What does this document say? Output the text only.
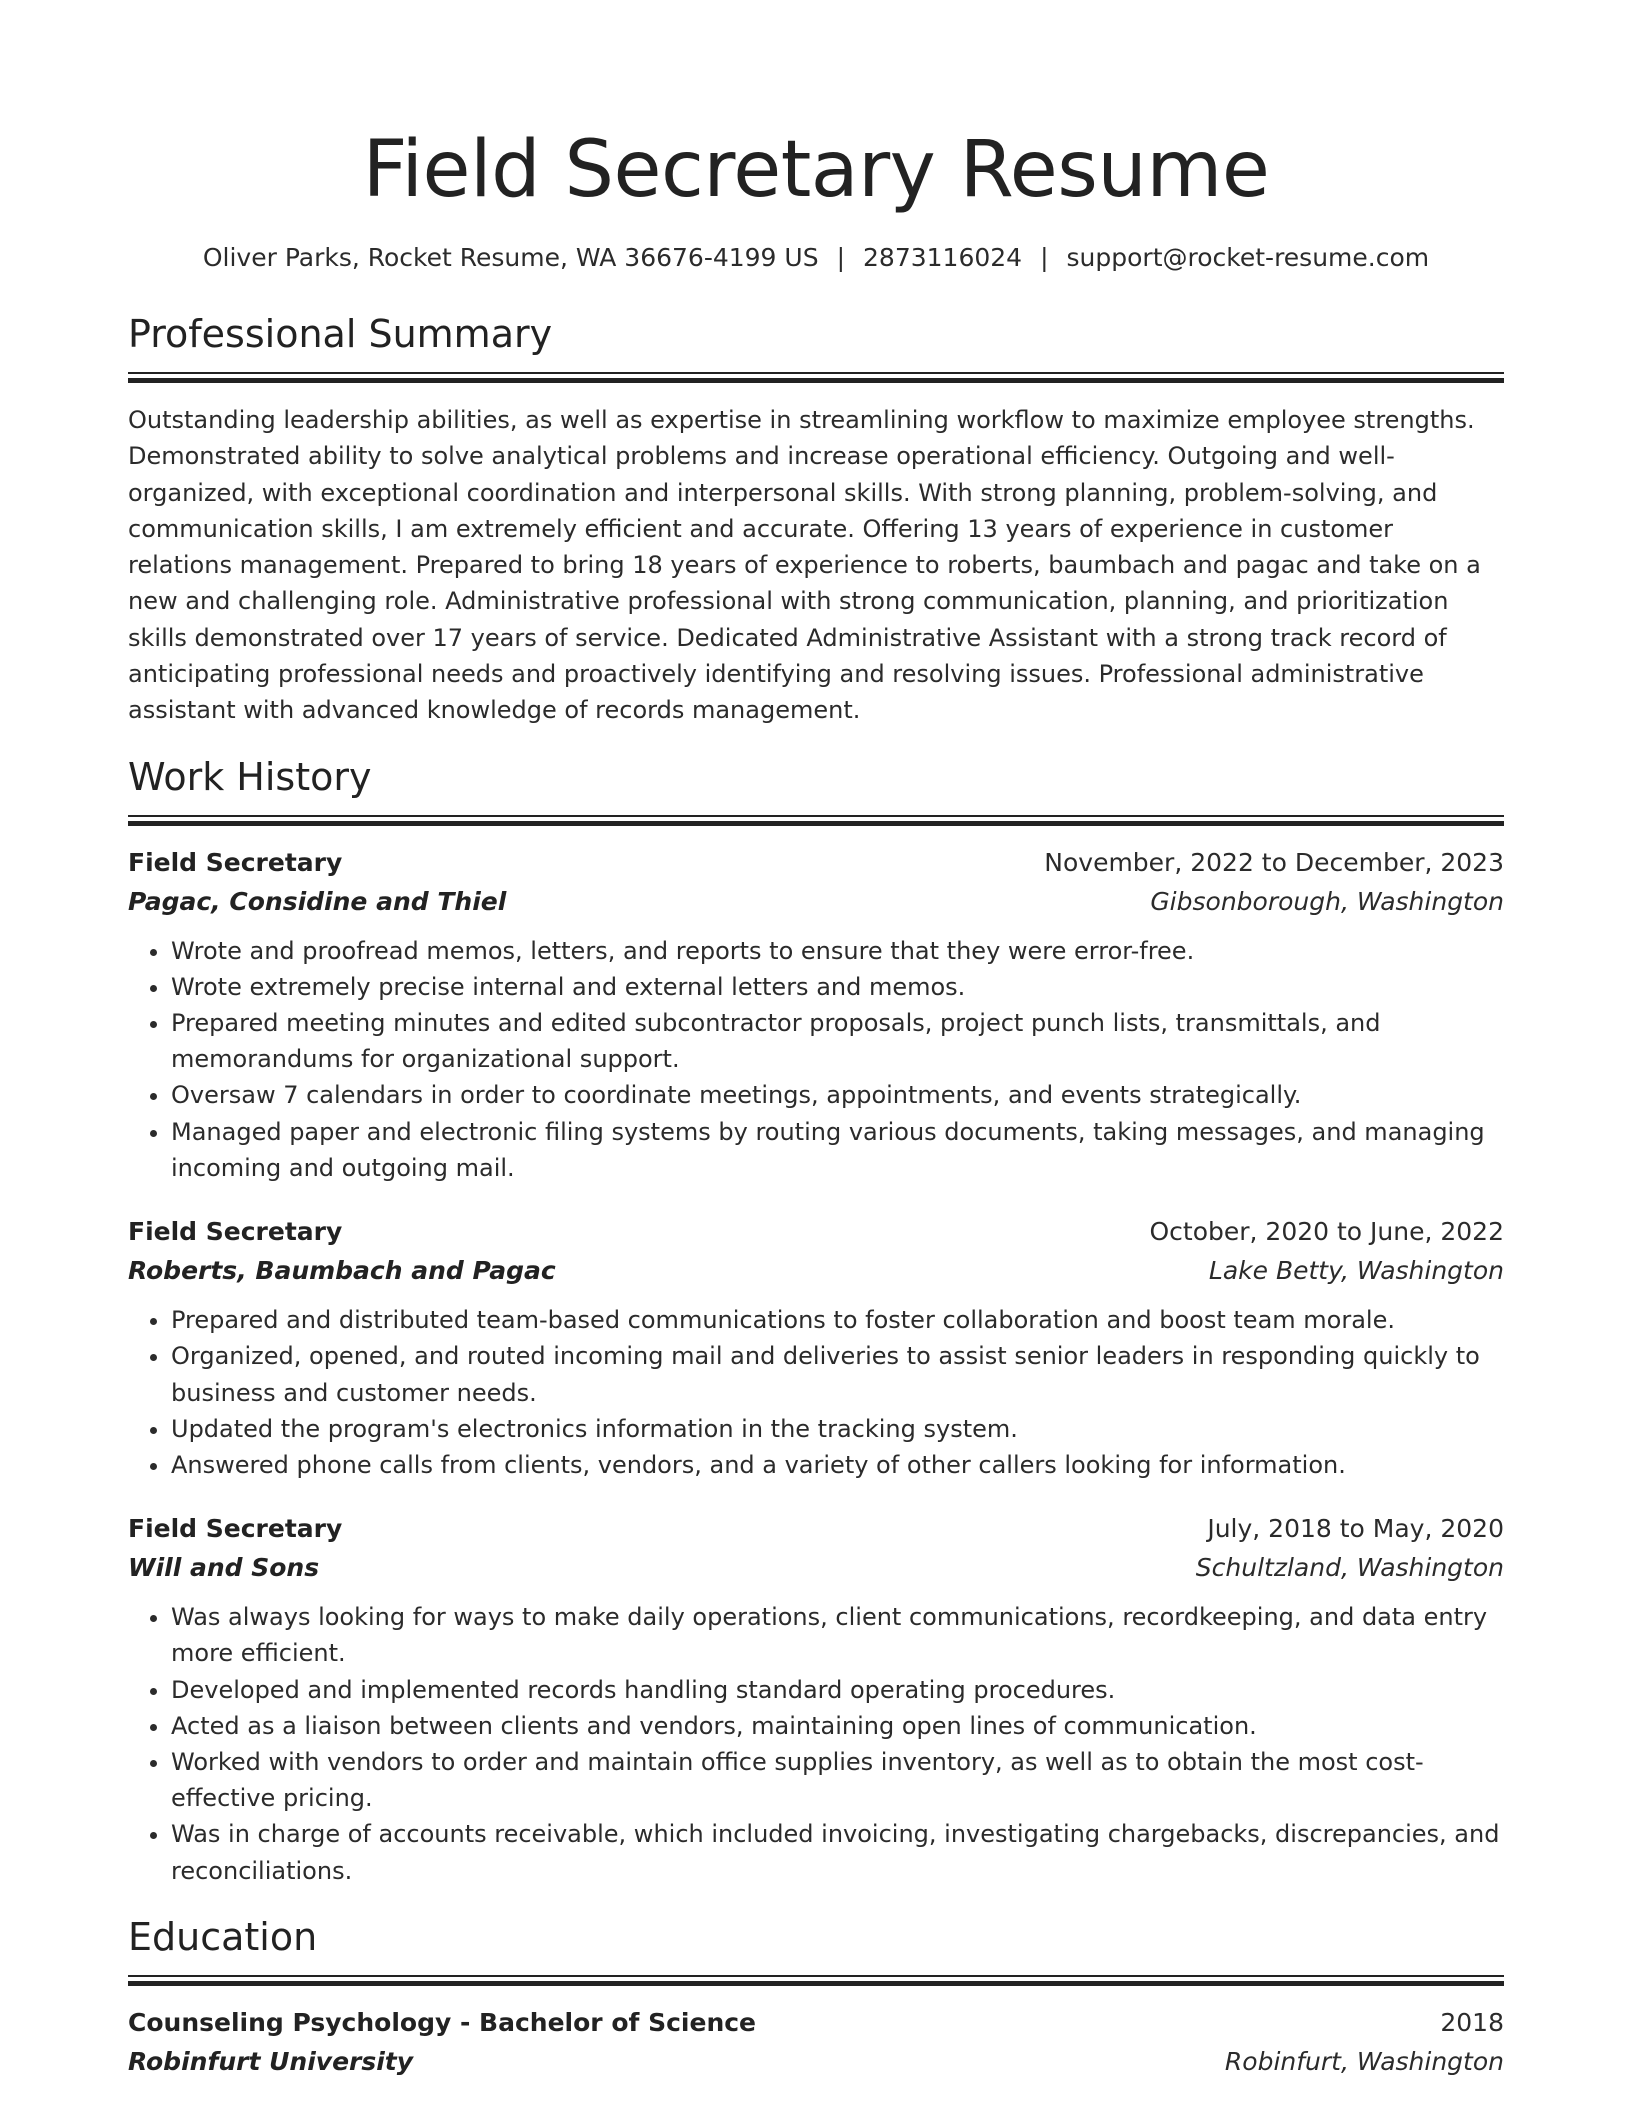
Field Secretary Resume
Oliver Parks, Rocket Resume, WA 36676-4199 US | 2873116024 | support@rocket-resume.com
Professional Summary

Outstanding leadership abilities, as well as expertise in streamlining workflow to maximize employee strengths. Demonstrated ability to solve analytical problems and increase operational efficiency. Outgoing and well-organized, with exceptional coordination and interpersonal skills. With strong planning, problem-solving, and communication skills, I am extremely efficient and accurate. Offering 13 years of experience in customer relations management. Prepared to bring 18 years of experience to roberts, baumbach and pagac and take on a new and challenging role. Administrative professional with strong communication, planning, and prioritization skills demonstrated over 17 years of service. Dedicated Administrative Assistant with a strong track record of anticipating professional needs and proactively identifying and resolving issues. Professional administrative assistant with advanced knowledge of records management.

Work History
Field Secretary	November, 2022 to December, 2023
Pagac, Considine and Thiel	Gibsonborough, Washington
• Wrote and proofread memos, letters, and reports to ensure that they were error-free.
• Wrote extremely precise internal and external letters and memos.
• Prepared meeting minutes and edited subcontractor proposals, project punch lists, transmittals, and memorandums for organizational support.
• Oversaw 7 calendars in order to coordinate meetings, appointments, and events strategically.
• Managed paper and electronic filing systems by routing various documents, taking messages, and managing incoming and outgoing mail.
Field Secretary	October, 2020 to June, 2022
Roberts, Baumbach and Pagac	Lake Betty, Washington
• Prepared and distributed team-based communications to foster collaboration and boost team morale.
• Organized, opened, and routed incoming mail and deliveries to assist senior leaders in responding quickly to business and customer needs.
• Updated the program's electronics information in the tracking system.
• Answered phone calls from clients, vendors, and a variety of other callers looking for information.
Field Secretary	July, 2018 to May, 2020
Will and Sons	Schultzland, Washington
• Was always looking for ways to make daily operations, client communications, recordkeeping, and data entry more efficient.
• Developed and implemented records handling standard operating procedures.
• Acted as a liaison between clients and vendors, maintaining open lines of communication.
• Worked with vendors to order and maintain office supplies inventory, as well as to obtain the most cost-effective pricing.
• Was in charge of accounts receivable, which included invoicing, investigating chargebacks, discrepancies, and reconciliations.
Education
Counseling Psychology - Bachelor of Science	2018
Robinfurt University	Robinfurt, Washington
